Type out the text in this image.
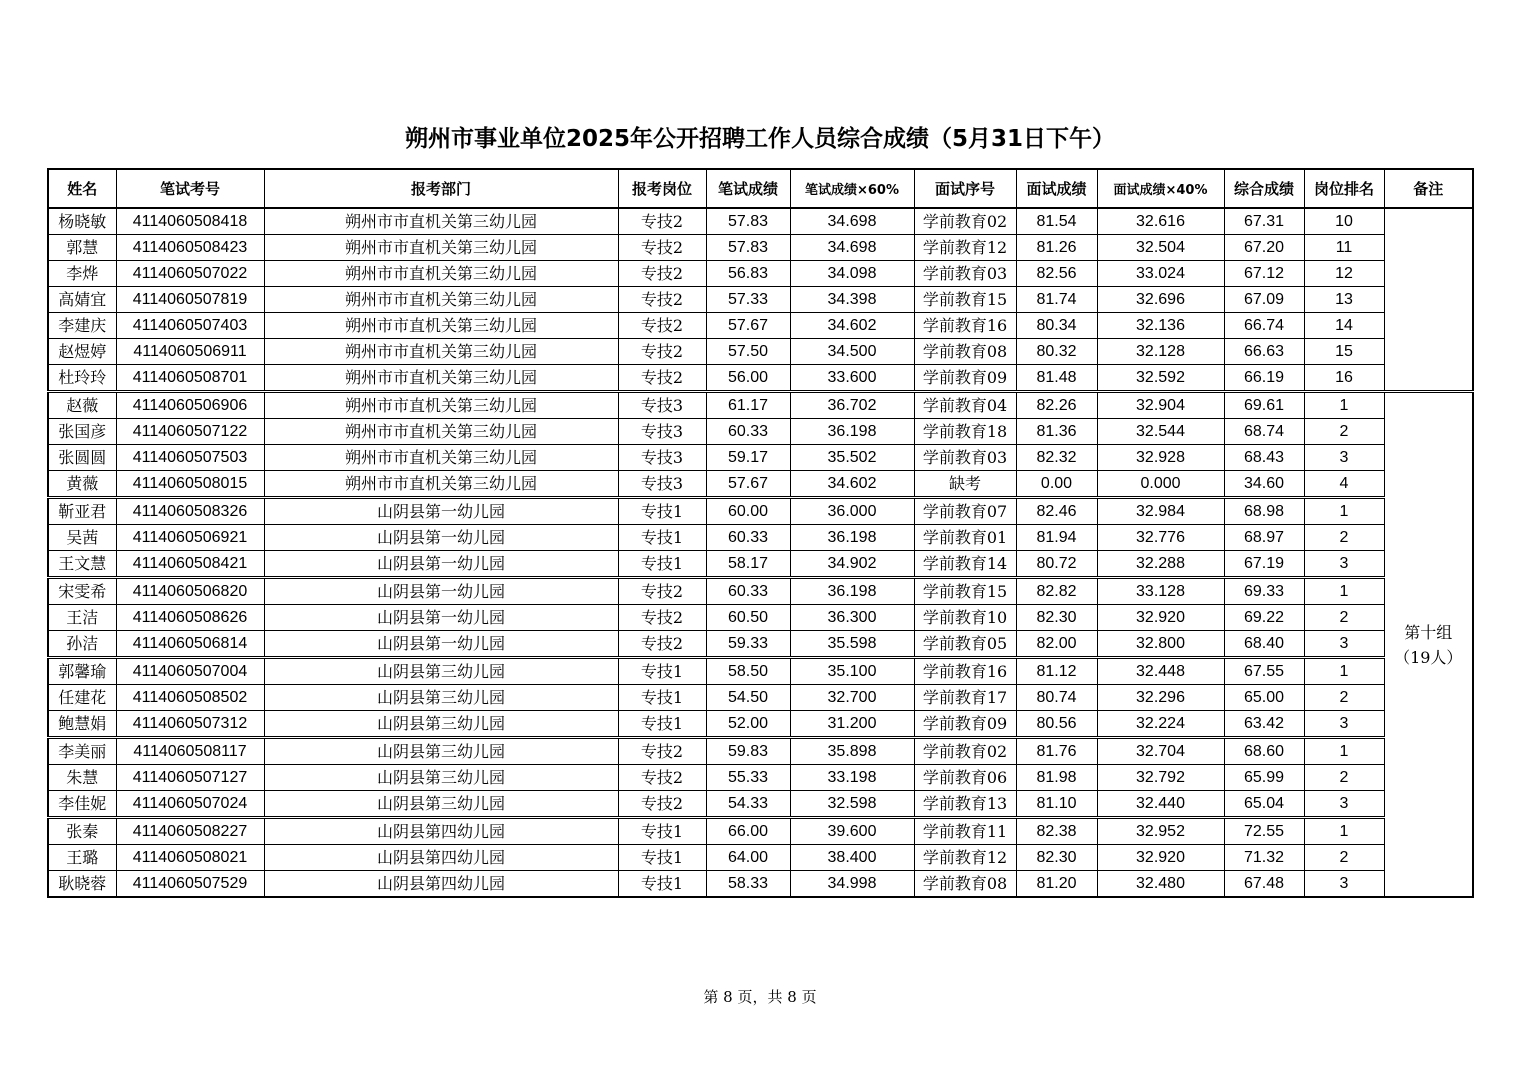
朔州市事业单位2025年公开招聘工作人员综合成绩（5月31日下午）
姓名	笔试考号	报考部门	报考岗位	笔试成绩	笔试成绩×60%	面试序号	面试成绩	面试成绩×40%	综合成绩	岗位排名	备注
杨晓敏	4114060508418	朔州市市直机关第三幼儿园	专技2	57.83	34.698	学前教育02	81.54	32.616	67.31	10	
郭慧	4114060508423	朔州市市直机关第三幼儿园	专技2	57.83	34.698	学前教育12	81.26	32.504	67.20	11	
李烨	4114060507022	朔州市市直机关第三幼儿园	专技2	56.83	34.098	学前教育03	82.56	33.024	67.12	12	
高婧宜	4114060507819	朔州市市直机关第三幼儿园	专技2	57.33	34.398	学前教育15	81.74	32.696	67.09	13	
李建庆	4114060507403	朔州市市直机关第三幼儿园	专技2	57.67	34.602	学前教育16	80.34	32.136	66.74	14	
赵煜婷	4114060506911	朔州市市直机关第三幼儿园	专技2	57.50	34.500	学前教育08	80.32	32.128	66.63	15	
杜玲玲	4114060508701	朔州市市直机关第三幼儿园	专技2	56.00	33.600	学前教育09	81.48	32.592	66.19	16	
赵薇	4114060506906	朔州市市直机关第三幼儿园	专技3	61.17	36.702	学前教育04	82.26	32.904	69.61	1	第十组
（19人）

张国彦	4114060507122	朔州市市直机关第三幼儿园	专技3	60.33	36.198	学前教育18	81.36	32.544	68.74	2	
张圆圆	4114060507503	朔州市市直机关第三幼儿园	专技3	59.17	35.502	学前教育03	82.32	32.928	68.43	3	
黄薇	4114060508015	朔州市市直机关第三幼儿园	专技3	57.67	34.602	缺考	0.00	0.000	34.60	4	
靳亚君	4114060508326	山阴县第一幼儿园	专技1	60.00	36.000	学前教育07	82.46	32.984	68.98	1	
吴茜	4114060506921	山阴县第一幼儿园	专技1	60.33	36.198	学前教育01	81.94	32.776	68.97	2	
王文慧	4114060508421	山阴县第一幼儿园	专技1	58.17	34.902	学前教育14	80.72	32.288	67.19	3	
宋雯希	4114060506820	山阴县第一幼儿园	专技2	60.33	36.198	学前教育15	82.82	33.128	69.33	1	
王洁	4114060508626	山阴县第一幼儿园	专技2	60.50	36.300	学前教育10	82.30	32.920	69.22	2	
孙洁	4114060506814	山阴县第一幼儿园	专技2	59.33	35.598	学前教育05	82.00	32.800	68.40	3	
郭馨瑜	4114060507004	山阴县第三幼儿园	专技1	58.50	35.100	学前教育16	81.12	32.448	67.55	1	
任建花	4114060508502	山阴县第三幼儿园	专技1	54.50	32.700	学前教育17	80.74	32.296	65.00	2	
鲍慧娟	4114060507312	山阴县第三幼儿园	专技1	52.00	31.200	学前教育09	80.56	32.224	63.42	3	
李美丽	4114060508117	山阴县第三幼儿园	专技2	59.83	35.898	学前教育02	81.76	32.704	68.60	1	
朱慧	4114060507127	山阴县第三幼儿园	专技2	55.33	33.198	学前教育06	81.98	32.792	65.99	2	
李佳妮	4114060507024	山阴县第三幼儿园	专技2	54.33	32.598	学前教育13	81.10	32.440	65.04	3	
张秦	4114060508227	山阴县第四幼儿园	专技1	66.00	39.600	学前教育11	82.38	32.952	72.55	1	
王璐	4114060508021	山阴县第四幼儿园	专技1	64.00	38.400	学前教育12	82.30	32.920	71.32	2	
耿晓蓉	4114060507529	山阴县第四幼儿园	专技1	58.33	34.998	学前教育08	81.20	32.480	67.48	3	
第 8 页，共 8 页
